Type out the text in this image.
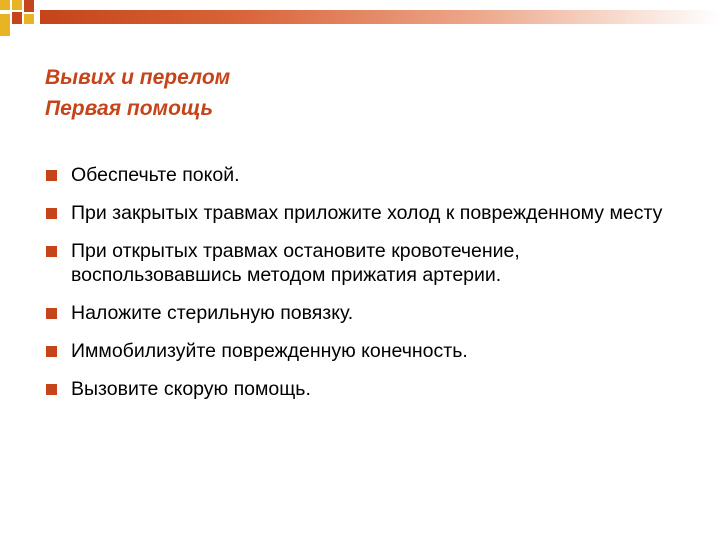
Вывих и перелом
Первая помощь
Обеспечьте покой.
При закрытых травмах приложите холод к поврежденному месту
При открытых травмах остановите кровотечение, воспользовавшись методом прижатия артерии.
Наложите стерильную повязку.
Иммобилизуйте поврежденную конечность.
Вызовите скорую помощь.
